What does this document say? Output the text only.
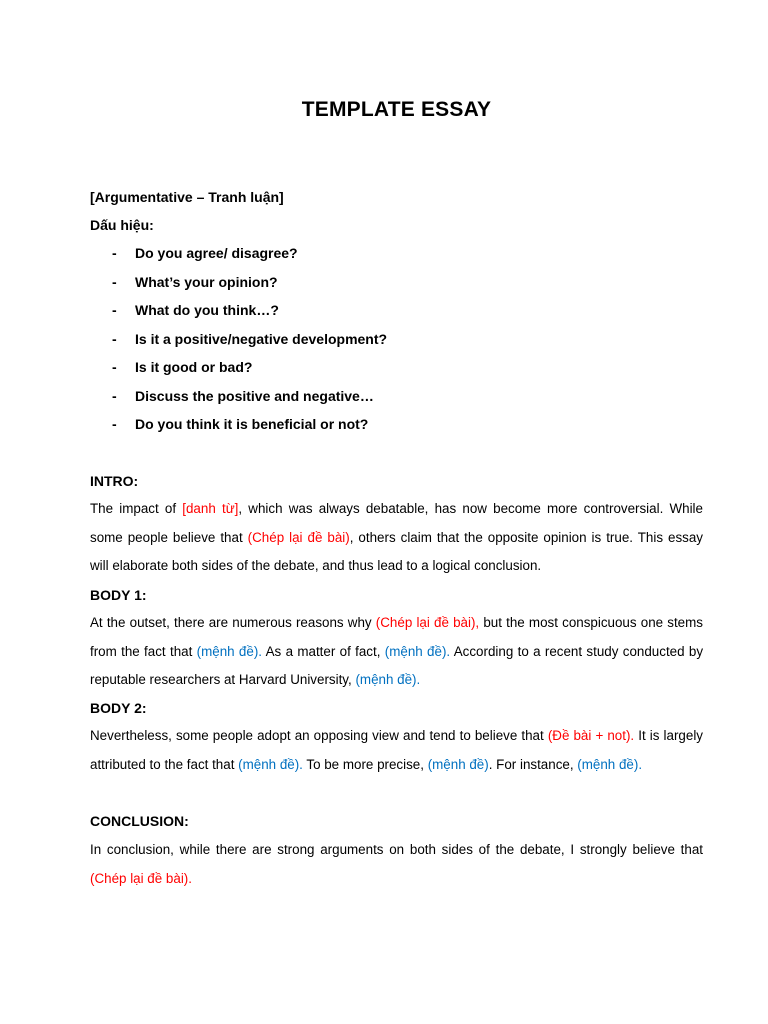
TEMPLATE ESSAY
[Argumentative – Tranh luận]
Dấu hiệu:
- Do you agree/ disagree?
- What’s your opinion?
- What do you think…?
- Is it a positive/negative development?
- Is it good or bad?
- Discuss the positive and negative…
- Do you think it is beneficial or not?
INTRO:

The impact of [danh từ], which was always debatable, has now become more controversial. While some people believe that (Chép lại đề bài), others claim that the opposite opinion is true. This essay will elaborate both sides of the debate, and thus lead to a logical conclusion.

BODY 1:

At the outset, there are numerous reasons why (Chép lại đề bài), but the most conspicuous one stems from the fact that (mệnh đề). As a matter of fact, (mệnh đề). According to a recent study conducted by reputable researchers at Harvard University, (mệnh đề).

BODY 2:

Nevertheless, some people adopt an opposing view and tend to believe that (Đề bài + not). It is largely attributed to the fact that (mệnh đề). To be more precise, (mệnh đề). For instance, (mệnh đề).

CONCLUSION:

In conclusion, while there are strong arguments on both sides of the debate, I strongly believe that (Chép lại đề bài).
